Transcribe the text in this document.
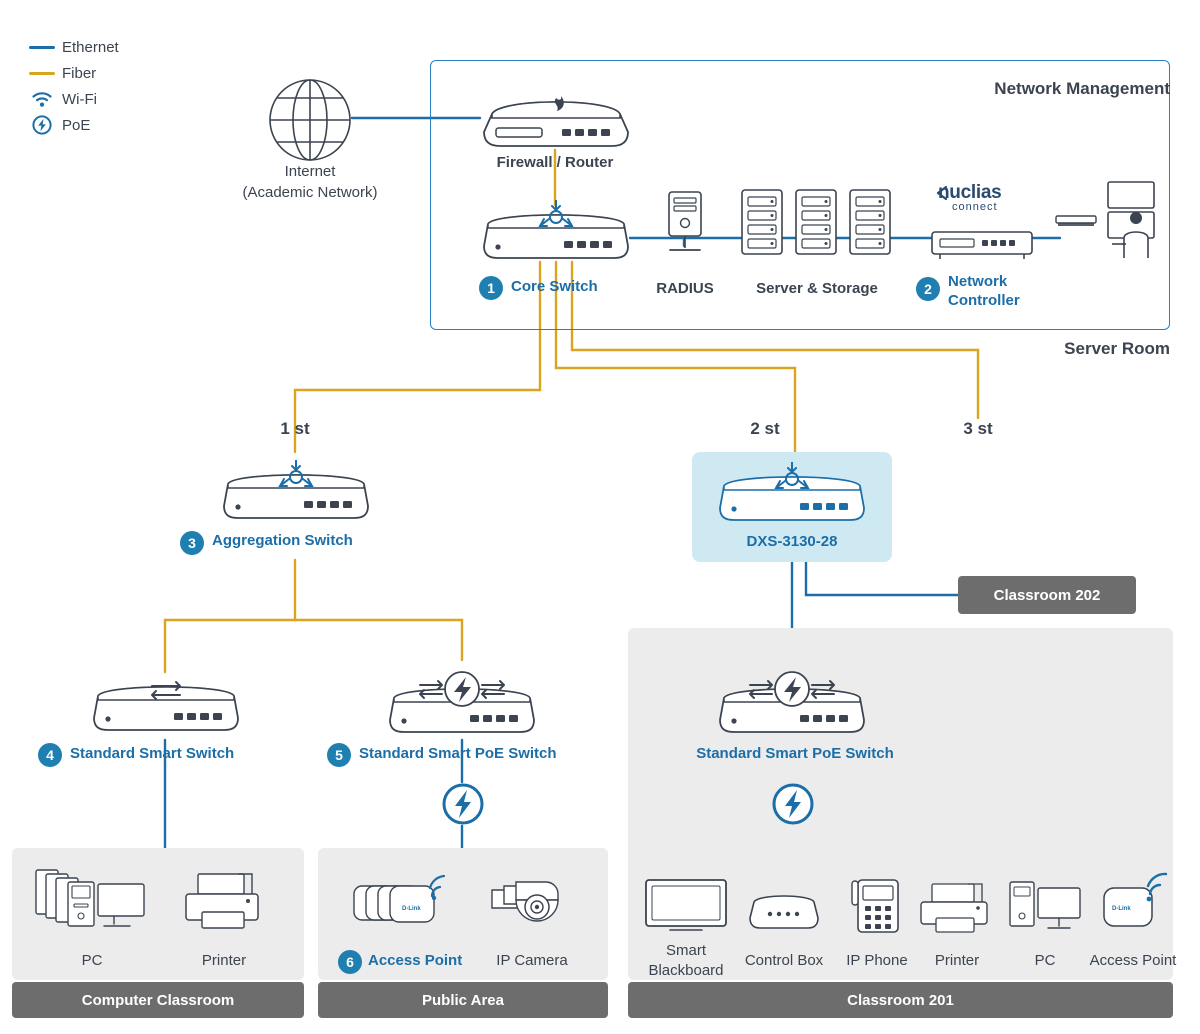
Ethernet
Fiber
Wi-Fi
PoE
Network Management
Server Room
Internet
(Academic Network)
Firewall / Router
1	Core Switch	RADIUS	Server & Storage
nuclias
connect
2	Network
Controller
1 st	2 st	3 st
3	Aggregation Switch	DXS-3130-28
Classroom 202
4	Standard Smart Switch	5	Standard Smart PoE Switch	Standard Smart PoE Switch
PC	Printer
Computer Classroom
D-Link
6 Access Point	IP Camera
Public Area
Smart
Blackboard
Control Box	IP Phone	Printer	PC
D-Link
Access Point
Classroom 201
